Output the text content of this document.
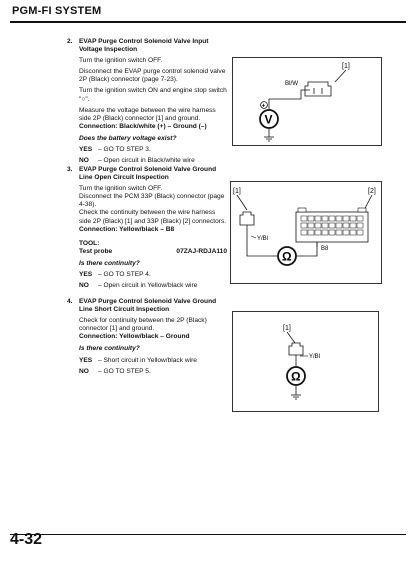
PGM-FI SYSTEM
2. EVAP Purge Control Solenoid Valve Input Voltage Inspection
Turn the ignition switch OFF.
Disconnect the EVAP purge control solenoid valve 2P (Black) connector (page 7-23).
Turn the ignition switch ON and engine stop switch "○".
Measure the voltage between the wire harness side 2P (Black) connector [1] and ground.
Connection: Black/white (+) – Ground (–)
Does the battery voltage exist?
YES – GO TO STEP 3.
NO	– Open circuit in Black/white wire
3. EVAP Purge Control Solenoid Valve Ground Line Open Circuit Inspection
Turn the ignition switch OFF.
Disconnect the PCM 33P (Black) connector (page 4-38).
Check the continuity between the wire harness side 2P (Black) [1] and 33P (Black) [2] connectors.
Connection: Yellow/black – B8
TOOL:
Test probe	07ZAJ-RDJA110
Is there continuity?
YES – GO TO STEP 4.
NO	– Open circuit in Yellow/black wire
4. EVAP Purge Control Solenoid Valve Ground Line Short Circuit Inspection
Check for continuity between the 2P (Black) connector [1] and ground.
Connection: Yellow/black – Ground
Is there continuity?
YES – Short circuit in Yellow/black wire
NO	– GO TO STEP 5.
[1]
Bl/W
+
V
[1]	[2]
Y/Bl
B8
Ω
[1]
Y/Bl
Ω
4-32
